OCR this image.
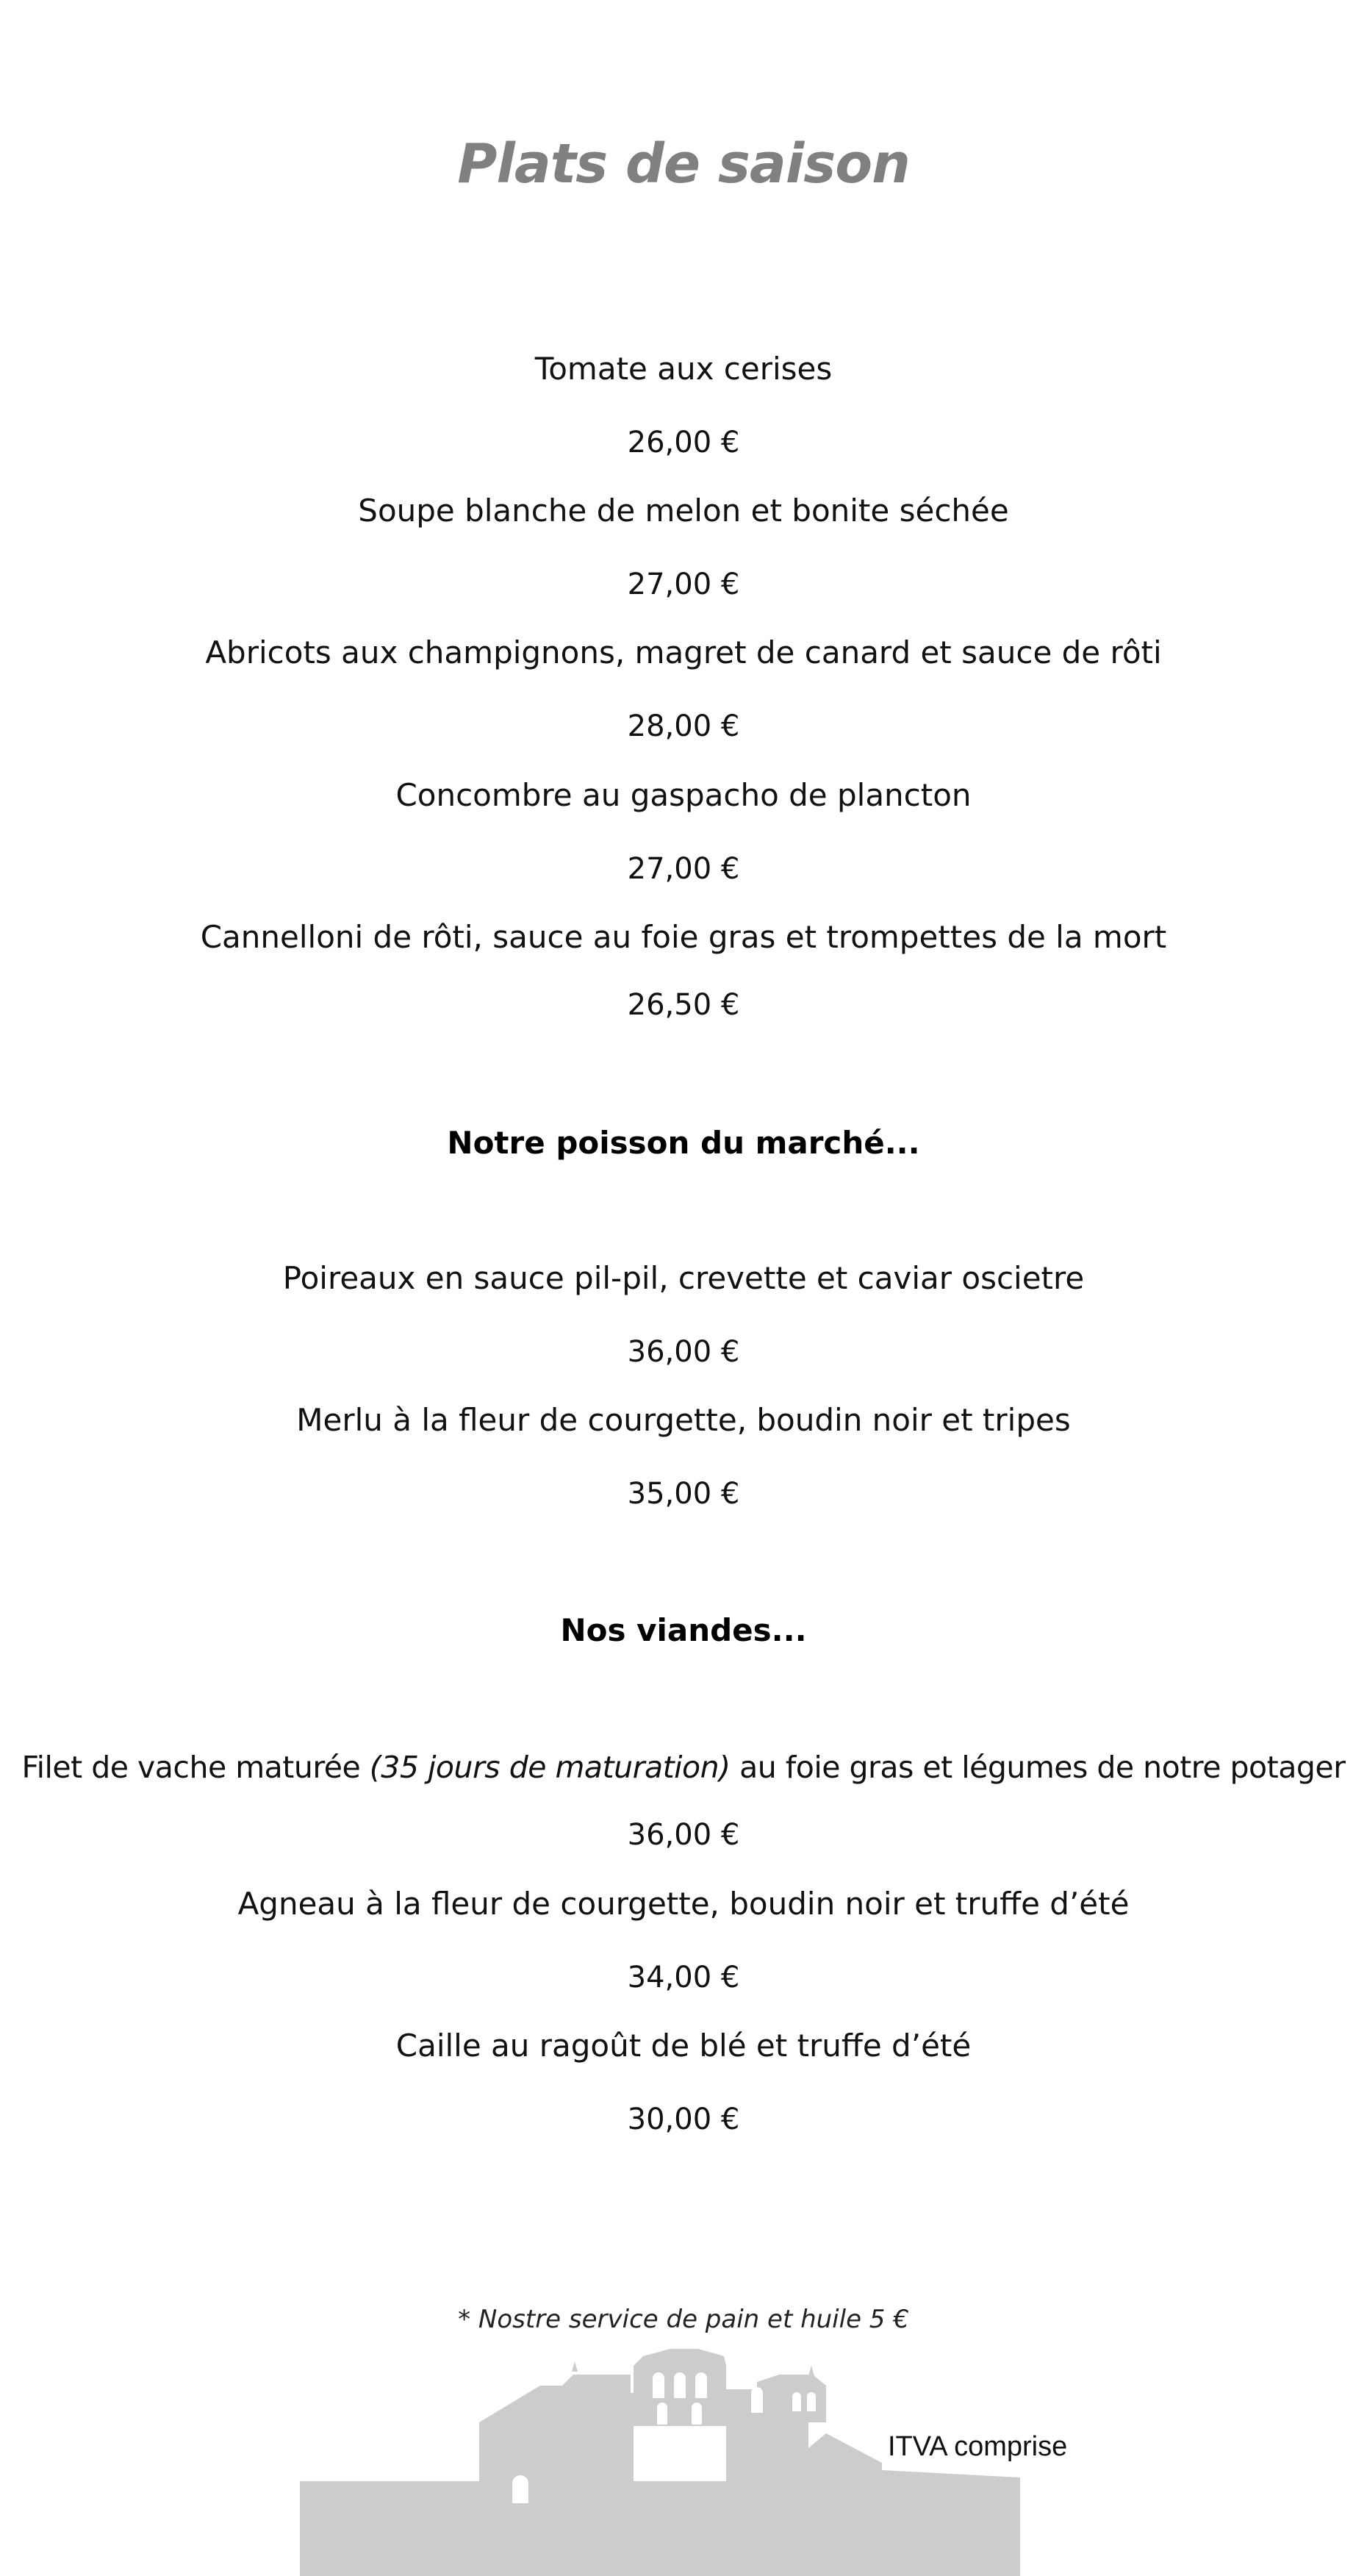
Plats de saison
Tomate aux cerises
26,00 €
Soupe blanche de melon et bonite séchée
27,00 €
Abricots aux champignons, magret de canard et sauce de rôti
28,00 €
Concombre au gaspacho de plancton
27,00 €
Cannelloni de rôti, sauce au foie gras et trompettes de la mort
26,50 €
Notre poisson du marché...
Poireaux en sauce pil-pil, crevette et caviar oscietre
36,00 €
Merlu à la fleur de courgette, boudin noir et tripes
35,00 €
Nos viandes...
Filet de vache maturée (35 jours de maturation) au foie gras et légumes de notre potager
36,00 €
Agneau à la fleur de courgette, boudin noir et truffe d’été
34,00 €
Caille au ragoût de blé et truffe d’été
30,00 €
* Nostre service de pain et huile 5 €
ITVA comprise
